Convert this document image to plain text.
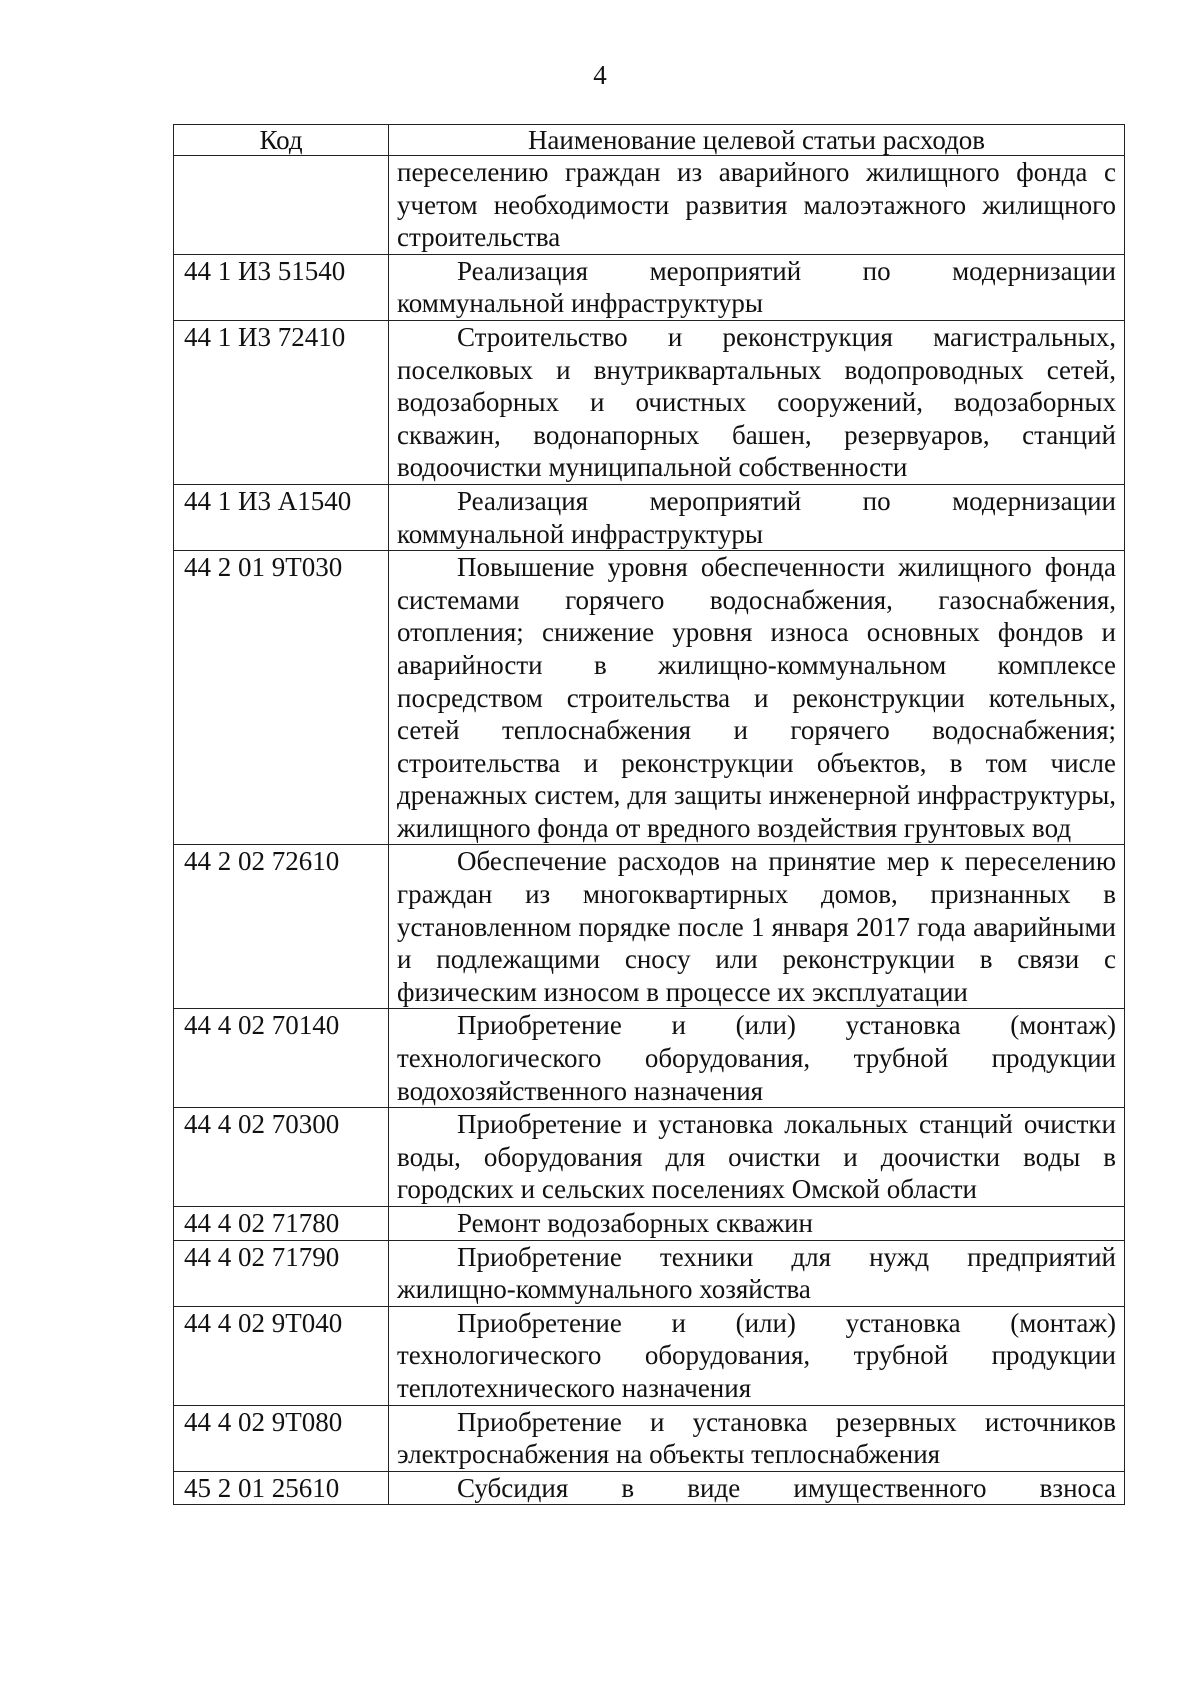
4
Код	Наименование целевой статьи расходов
	переселению граждан из аварийного жилищного фонда с учетом необходимости развития малоэтажного жилищного строительства
44 1 И3 51540	Реализация мероприятий по модернизации коммунальной инфраструктуры
44 1 И3 72410	Строительство и реконструкция магистральных, поселковых и внутриквартальных водопроводных сетей, водозаборных и очистных сооружений, водозаборных скважин, водонапорных башен, резервуаров, станций водоочистки муниципальной собственности
44 1 И3 А1540	Реализация мероприятий по модернизации коммунальной инфраструктуры
44 2 01 9Т030	Повышение уровня обеспеченности жилищного фонда системами горячего водоснабжения, газоснабжения, отопления; снижение уровня износа основных фондов и аварийности в жилищно-коммунальном комплексе посредством строительства и реконструкции котельных, сетей теплоснабжения и горячего водоснабжения; строительства и реконструкции объектов, в том числе дренажных систем, для защиты инженерной инфраструктуры, жилищного фонда от вредного воздействия грунтовых вод
44 2 02 72610	Обеспечение расходов на принятие мер к переселению граждан из многоквартирных домов, признанных в установленном порядке после 1 января 2017 года аварийными и подлежащими сносу или реконструкции в связи с физическим износом в процессе их эксплуатации
44 4 02 70140	Приобретение и (или) установка (монтаж) технологического оборудования, трубной продукции водохозяйственного назначения
44 4 02 70300	Приобретение и установка локальных станций очистки воды, оборудования для очистки и доочистки воды в городских и сельских поселениях Омской области
44 4 02 71780	Ремонт водозаборных скважин
44 4 02 71790	Приобретение техники для нужд предприятий жилищно-коммунального хозяйства
44 4 02 9Т040	Приобретение и (или) установка (монтаж) технологического оборудования, трубной продукции теплотехнического назначения
44 4 02 9Т080	Приобретение и установка резервных источников электроснабжения на объекты теплоснабжения
45 2 01 25610	Субсидия в виде имущественного взноса
